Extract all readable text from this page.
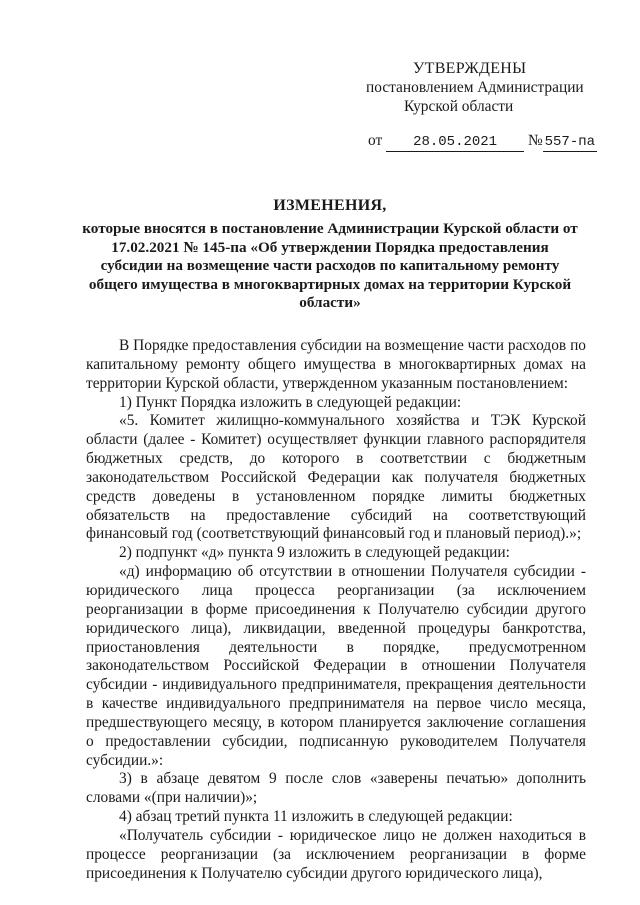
УТВЕРЖДЕНЫ
постановлением Администрации
Курской области
от 28.05.2021 № 557-па
ИЗМЕНЕНИЯ,
которые вносятся в постановление Администрации Курской области от 17.02.2021 № 145-па «Об утверждении Порядка предоставления субсидии на возмещение части расходов по капитальному ремонту общего имущества в многоквартирных домах на территории Курской области»

В Порядке предоставления субсидии на возмещение части расходов по капитальному ремонту общего имущества в многоквартирных домах на территории Курской области, утвержденном указанным постановлением:

1) Пункт Порядка изложить в следующей редакции:

«5. Комитет жилищно-коммунального хозяйства и ТЭК Курской области (далее - Комитет) осуществляет функции главного распорядителя бюджетных средств, до которого в соответствии с бюджетным законодательством Российской Федерации как получателя бюджетных средств доведены в установленном порядке лимиты бюджетных обязательств на предоставление субсидий на соответствующий финансовый год (соответствующий финансовый год и плановый период).»;

2) подпункт «д» пункта 9 изложить в следующей редакции:

«д) информацию об отсутствии в отношении Получателя субсидии - юридического лица процесса реорганизации (за исключением реорганизации в форме присоединения к Получателю субсидии другого юридического лица), ликвидации, введенной процедуры банкротства, приостановления деятельности в порядке, предусмотренном законодательством Российской Федерации в отношении Получателя субсидии - индивидуального предпринимателя, прекращения деятельности в качестве индивидуального предпринимателя на первое число месяца, предшествующего месяцу, в котором планируется заключение соглашения о предоставлении субсидии, подписанную руководителем Получателя субсидии.»:

3) в абзаце девятом 9 после слов «заверены печатью» дополнить словами «(при наличии)»;

4) абзац третий пункта 11 изложить в следующей редакции:

«Получатель субсидии - юридическое лицо не должен находиться в процессе реорганизации (за исключением реорганизации в форме присоединения к Получателю субсидии другого юридического лица),
